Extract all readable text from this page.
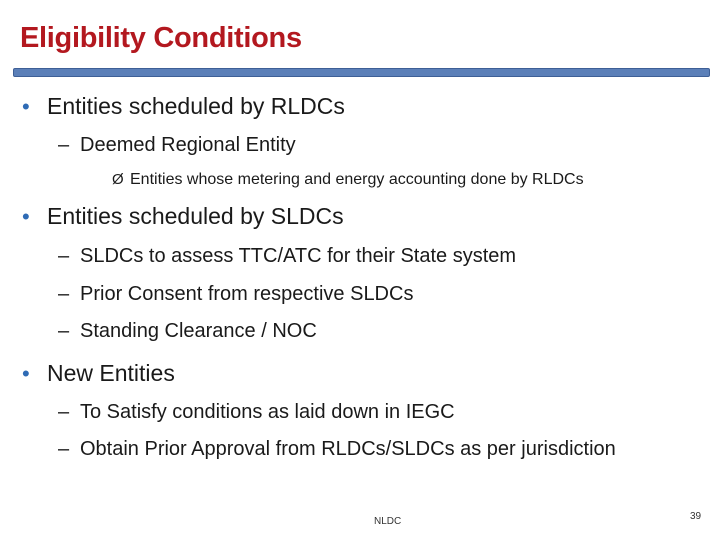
Eligibility Conditions
• Entities scheduled by RLDCs
– Deemed Regional Entity
Ø Entities whose metering and energy accounting done by RLDCs
• Entities scheduled by SLDCs
– SLDCs to assess TTC/ATC for their State system
– Prior Consent from respective SLDCs
– Standing Clearance / NOC
• New Entities
– To Satisfy conditions as laid down in IEGC
– Obtain Prior Approval from RLDCs/SLDCs as per jurisdiction
NLDC	39
